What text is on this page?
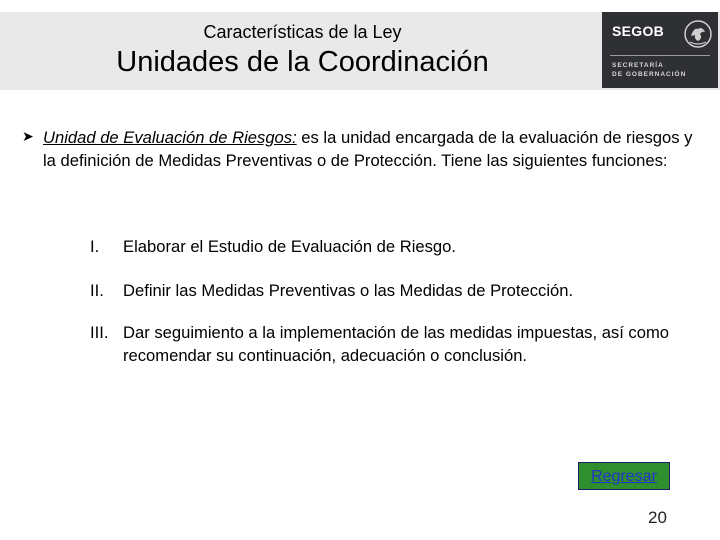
Características de la Ley
Unidades de la Coordinación
SEGOB
SECRETARÍA
DE GOBERNACIÓN
➤ Unidad de Evaluación de Riesgos: es la unidad encargada de la evaluación de riesgos y la definición de Medidas Preventivas o de Protección. Tiene las siguientes funciones:
I. Elaborar el Estudio de Evaluación de Riesgo.
II. Definir las Medidas Preventivas o las Medidas de Protección.
III. Dar seguimiento a la implementación de las medidas impuestas, así como recomendar su continuación, adecuación o conclusión.
Regresar
20
